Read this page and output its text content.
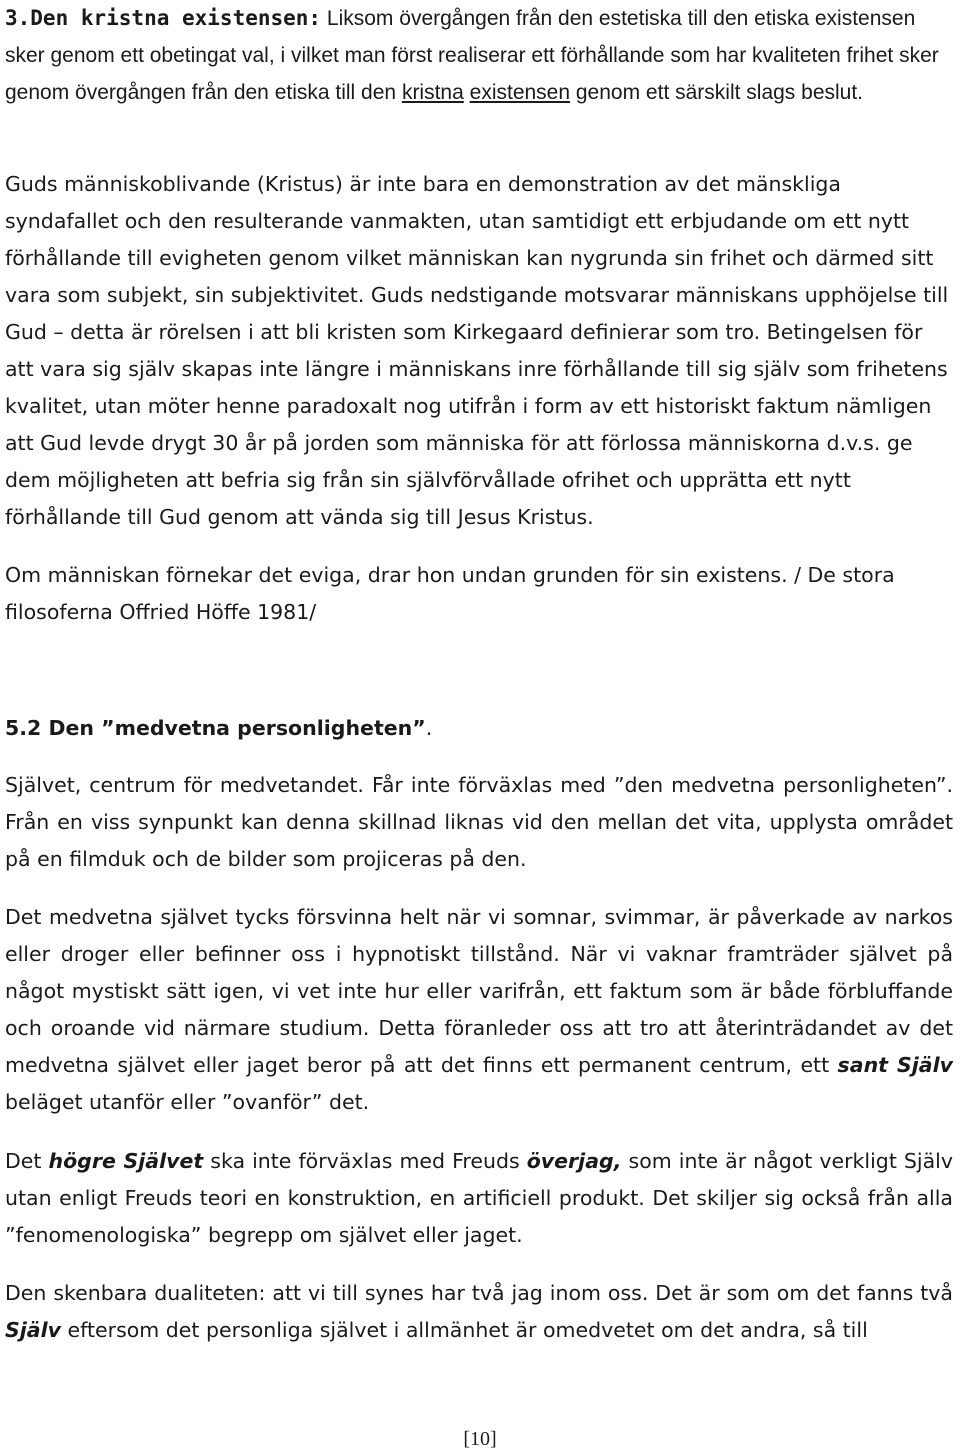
3.Den kristna existensen: Liksom övergången från den estetiska till den etiska existensen sker genom ett obetingat val, i vilket man först realiserar ett förhållande som har kvaliteten frihet sker genom övergången från den etiska till den kristna existensen genom ett särskilt slags beslut.

Guds människoblivande (Kristus) är inte bara en demonstration av det mänskliga syndafallet och den resulterande vanmakten, utan samtidigt ett erbjudande om ett nytt förhållande till evigheten genom vilket människan kan nygrunda sin frihet och därmed sitt vara som subjekt, sin subjektivitet. Guds nedstigande motsvarar människans upphöjelse till Gud – detta är rörelsen i att bli kristen som Kirkegaard definierar som tro. Betingelsen för att vara sig själv skapas inte längre i människans inre förhållande till sig själv som frihetens kvalitet, utan möter henne paradoxalt nog utifrån i form av ett historiskt faktum nämligen att Gud levde drygt 30 år på jorden som människa för att förlossa människorna d.v.s. ge dem möjligheten att befria sig från sin självförvållade ofrihet och upprätta ett nytt förhållande till Gud genom att vända sig till Jesus Kristus.

Om människan förnekar det eviga, drar hon undan grunden för sin existens. / De stora filosoferna Offried Höffe 1981/

5.2 Den ”medvetna personligheten”.

Självet, centrum för medvetandet. Får inte förväxlas med ”den medvetna personligheten”. Från en viss synpunkt kan denna skillnad liknas vid den mellan det vita, upplysta området på en filmduk och de bilder som projiceras på den.

Det medvetna självet tycks försvinna helt när vi somnar, svimmar, är påverkade av narkos eller droger eller befinner oss i hypnotiskt tillstånd. När vi vaknar framträder självet på något mystiskt sätt igen, vi vet inte hur eller varifrån, ett faktum som är både förbluffande och oroande vid närmare studium. Detta föranleder oss att tro att återinträdandet av det medvetna självet eller jaget beror på att det finns ett permanent centrum, ett sant Själv beläget utanför eller ”ovanför” det.

Det högre Självet ska inte förväxlas med Freuds överjag, som inte är något verkligt Själv utan enligt Freuds teori en konstruktion, en artificiell produkt. Det skiljer sig också från alla ”fenomenologiska” begrepp om självet eller jaget.

Den skenbara dualiteten: att vi till synes har två jag inom oss. Det är som om det fanns två Själv eftersom det personliga självet i allmänhet är omedvetet om det andra, så till

[10]
